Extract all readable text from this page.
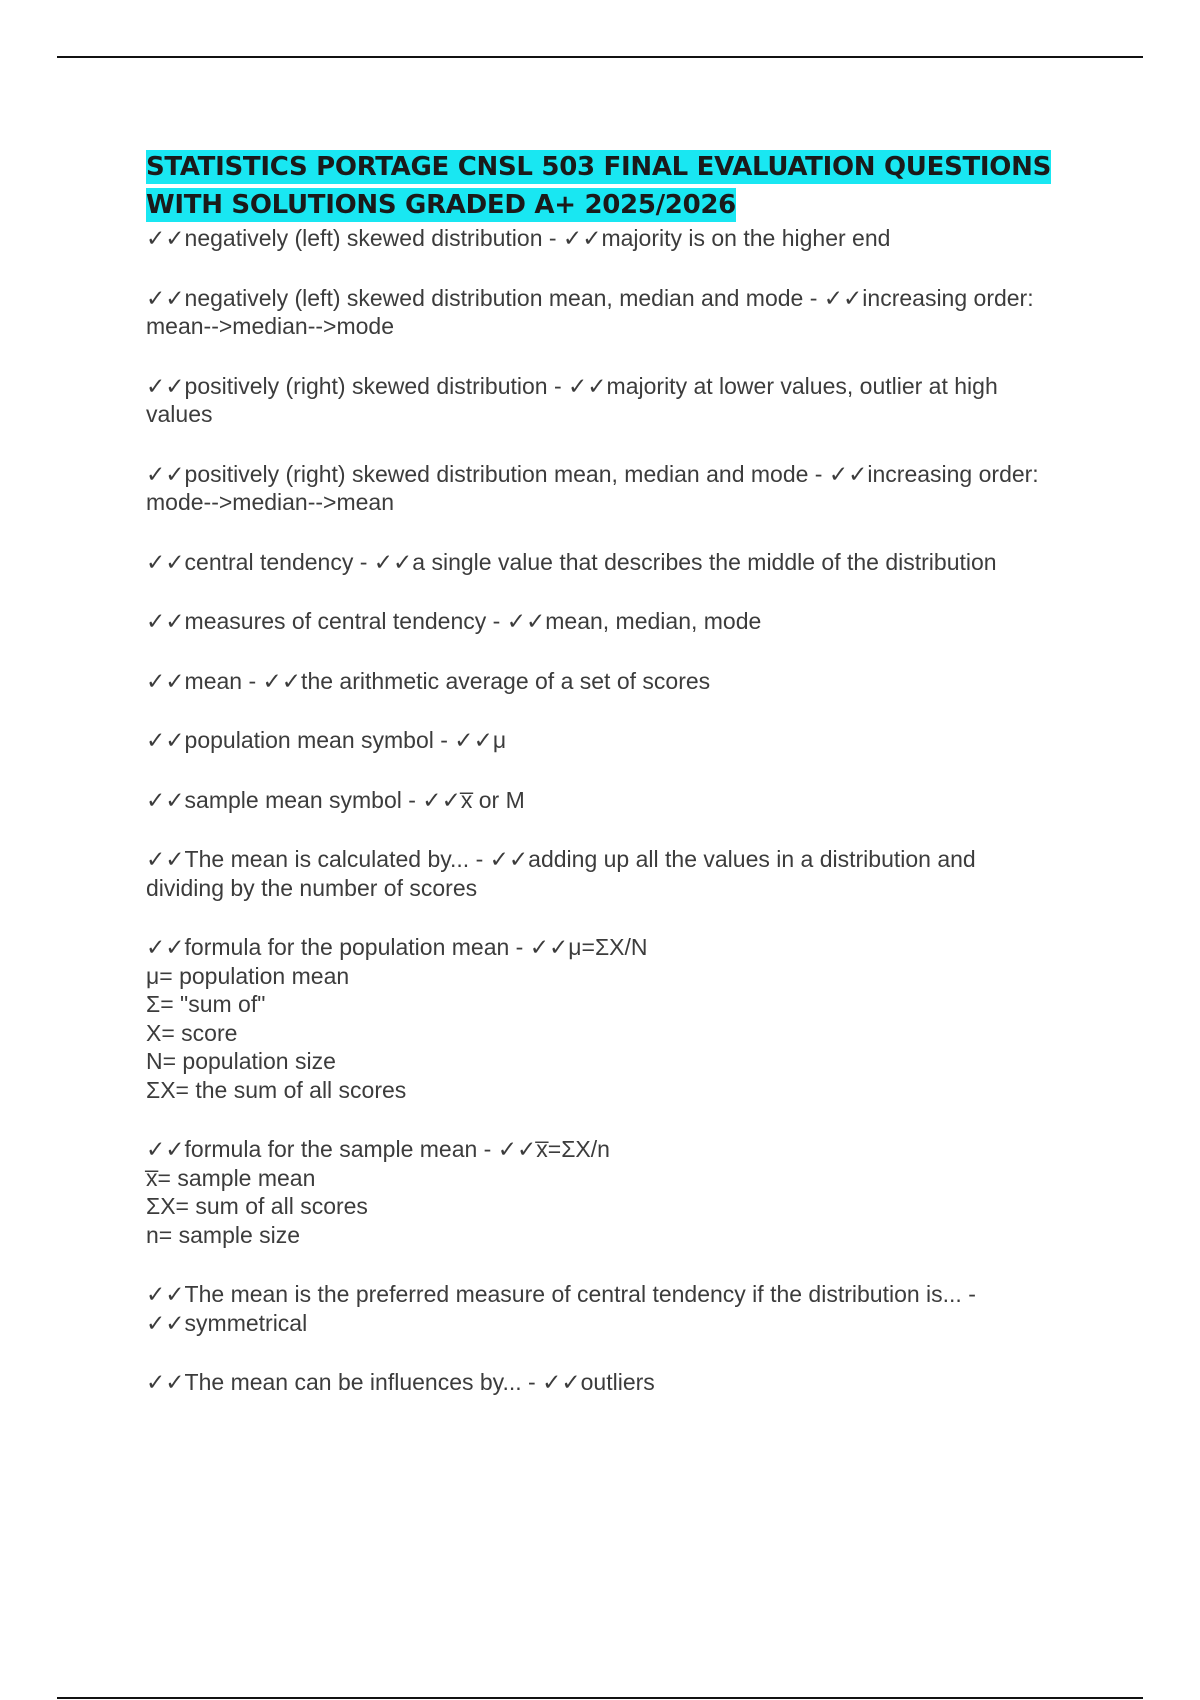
STATISTICS PORTAGE CNSL 503 FINAL EVALUATION QUESTIONS
WITH SOLUTIONS GRADED A+ 2025/2026

✓✓negatively (left) skewed distribution - ✓✓majority is on the higher end

✓✓negatively (left) skewed distribution mean, median and mode - ✓✓increasing order:
mean-->median-->mode

✓✓positively (right) skewed distribution - ✓✓majority at lower values, outlier at high
values

✓✓positively (right) skewed distribution mean, median and mode - ✓✓increasing order:
mode-->median-->mean

✓✓central tendency - ✓✓a single value that describes the middle of the distribution

✓✓measures of central tendency - ✓✓mean, median, mode

✓✓mean - ✓✓the arithmetic average of a set of scores

✓✓population mean symbol - ✓✓μ

✓✓sample mean symbol - ✓✓x̅ or M

✓✓The mean is calculated by... - ✓✓adding up all the values in a distribution and
dividing by the number of scores

✓✓formula for the population mean - ✓✓μ=ΣX/N
μ= population mean
Σ= "sum of"
X= score
N= population size
ΣX= the sum of all scores

✓✓formula for the sample mean - ✓✓x̅=ΣX/n
x̅= sample mean
ΣX= sum of all scores
n= sample size

✓✓The mean is the preferred measure of central tendency if the distribution is... -
✓✓symmetrical

✓✓The mean can be influences by... - ✓✓outliers
